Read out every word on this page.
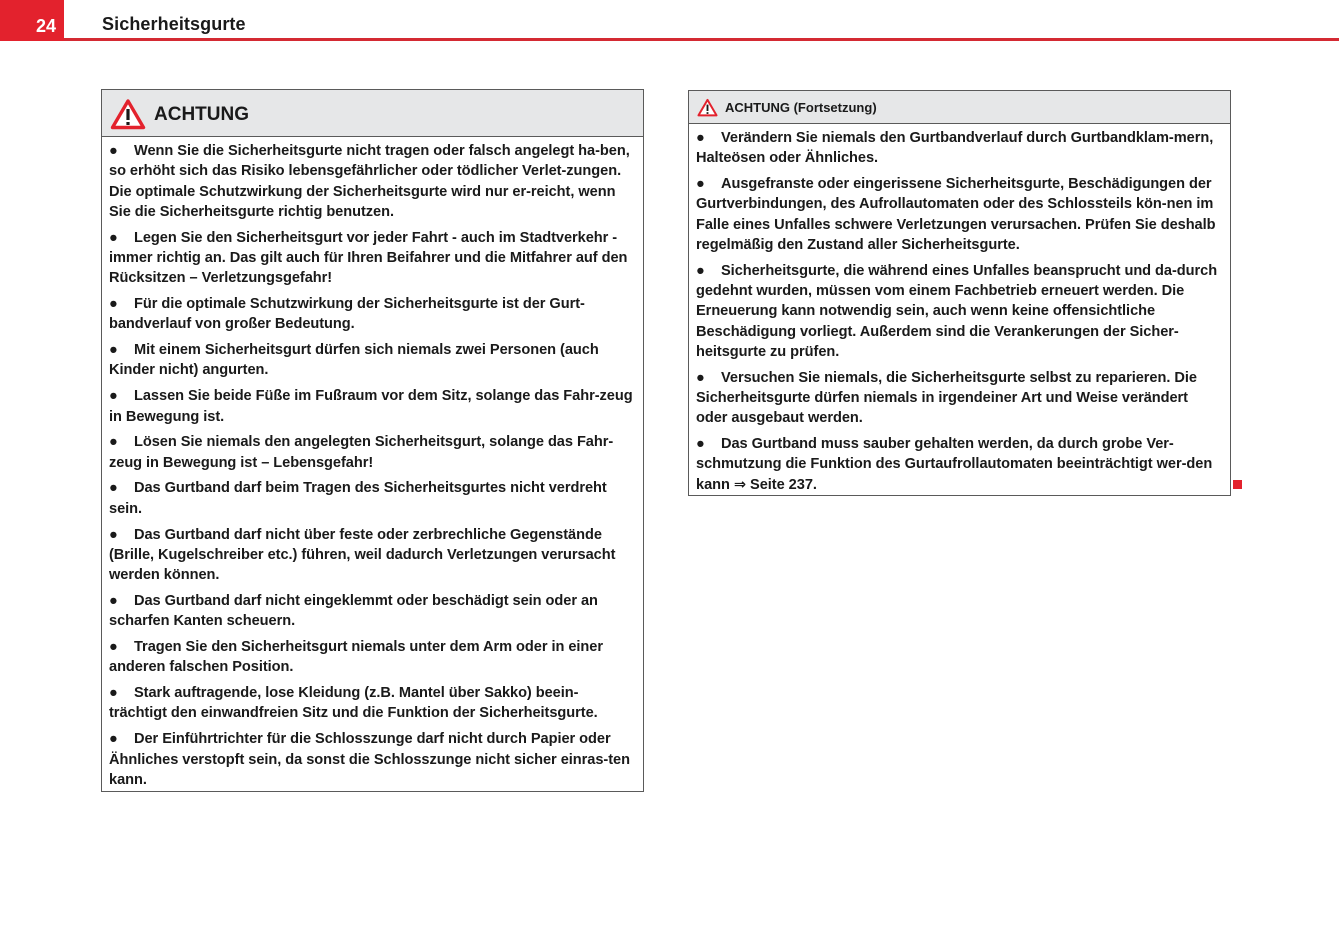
24	Sicherheitsgurte
ACHTUNG

● Wenn Sie die Sicherheitsgurte nicht tragen oder falsch angelegt ha-ben, so erhöht sich das Risiko lebensgefährlicher oder tödlicher Verlet-zungen. Die optimale Schutzwirkung der Sicherheitsgurte wird nur er-reicht, wenn Sie die Sicherheitsgurte richtig benutzen.

● Legen Sie den Sicherheitsgurt vor jeder Fahrt - auch im Stadtverkehr - immer richtig an. Das gilt auch für Ihren Beifahrer und die Mitfahrer auf den Rücksitzen – Verletzungsgefahr!

● Für die optimale Schutzwirkung der Sicherheitsgurte ist der Gurt-bandverlauf von großer Bedeutung.

● Mit einem Sicherheitsgurt dürfen sich niemals zwei Personen (auch Kinder nicht) angurten.

● Lassen Sie beide Füße im Fußraum vor dem Sitz, solange das Fahr-zeug in Bewegung ist.

● Lösen Sie niemals den angelegten Sicherheitsgurt, solange das Fahr-zeug in Bewegung ist – Lebensgefahr!

● Das Gurtband darf beim Tragen des Sicherheitsgurtes nicht verdreht sein.

● Das Gurtband darf nicht über feste oder zerbrechliche Gegenstände (Brille, Kugelschreiber etc.) führen, weil dadurch Verletzungen verursacht werden können.

● Das Gurtband darf nicht eingeklemmt oder beschädigt sein oder an scharfen Kanten scheuern.

● Tragen Sie den Sicherheitsgurt niemals unter dem Arm oder in einer anderen falschen Position.

● Stark auftragende, lose Kleidung (z.B. Mantel über Sakko) beein-trächtigt den einwandfreien Sitz und die Funktion der Sicherheitsgurte.

● Der Einführtrichter für die Schlosszunge darf nicht durch Papier oder Ähnliches verstopft sein, da sonst die Schlosszunge nicht sicher einras-ten kann.

ACHTUNG (Fortsetzung)

● Verändern Sie niemals den Gurtbandverlauf durch Gurtbandklam-mern, Halteösen oder Ähnliches.

● Ausgefranste oder eingerissene Sicherheitsgurte, Beschädigungen der Gurtverbindungen, des Aufrollautomaten oder des Schlossteils kön-nen im Falle eines Unfalles schwere Verletzungen verursachen. Prüfen Sie deshalb regelmäßig den Zustand aller Sicherheitsgurte.

● Sicherheitsgurte, die während eines Unfalles beansprucht und da-durch gedehnt wurden, müssen vom einem Fachbetrieb erneuert werden. Die Erneuerung kann notwendig sein, auch wenn keine offensichtliche Beschädigung vorliegt. Außerdem sind die Verankerungen der Sicher-heitsgurte zu prüfen.

● Versuchen Sie niemals, die Sicherheitsgurte selbst zu reparieren. Die Sicherheitsgurte dürfen niemals in irgendeiner Art und Weise verändert oder ausgebaut werden.

● Das Gurtband muss sauber gehalten werden, da durch grobe Ver-schmutzung die Funktion des Gurtaufrollautomaten beeinträchtigt wer-den kann ⇒ Seite 237.
